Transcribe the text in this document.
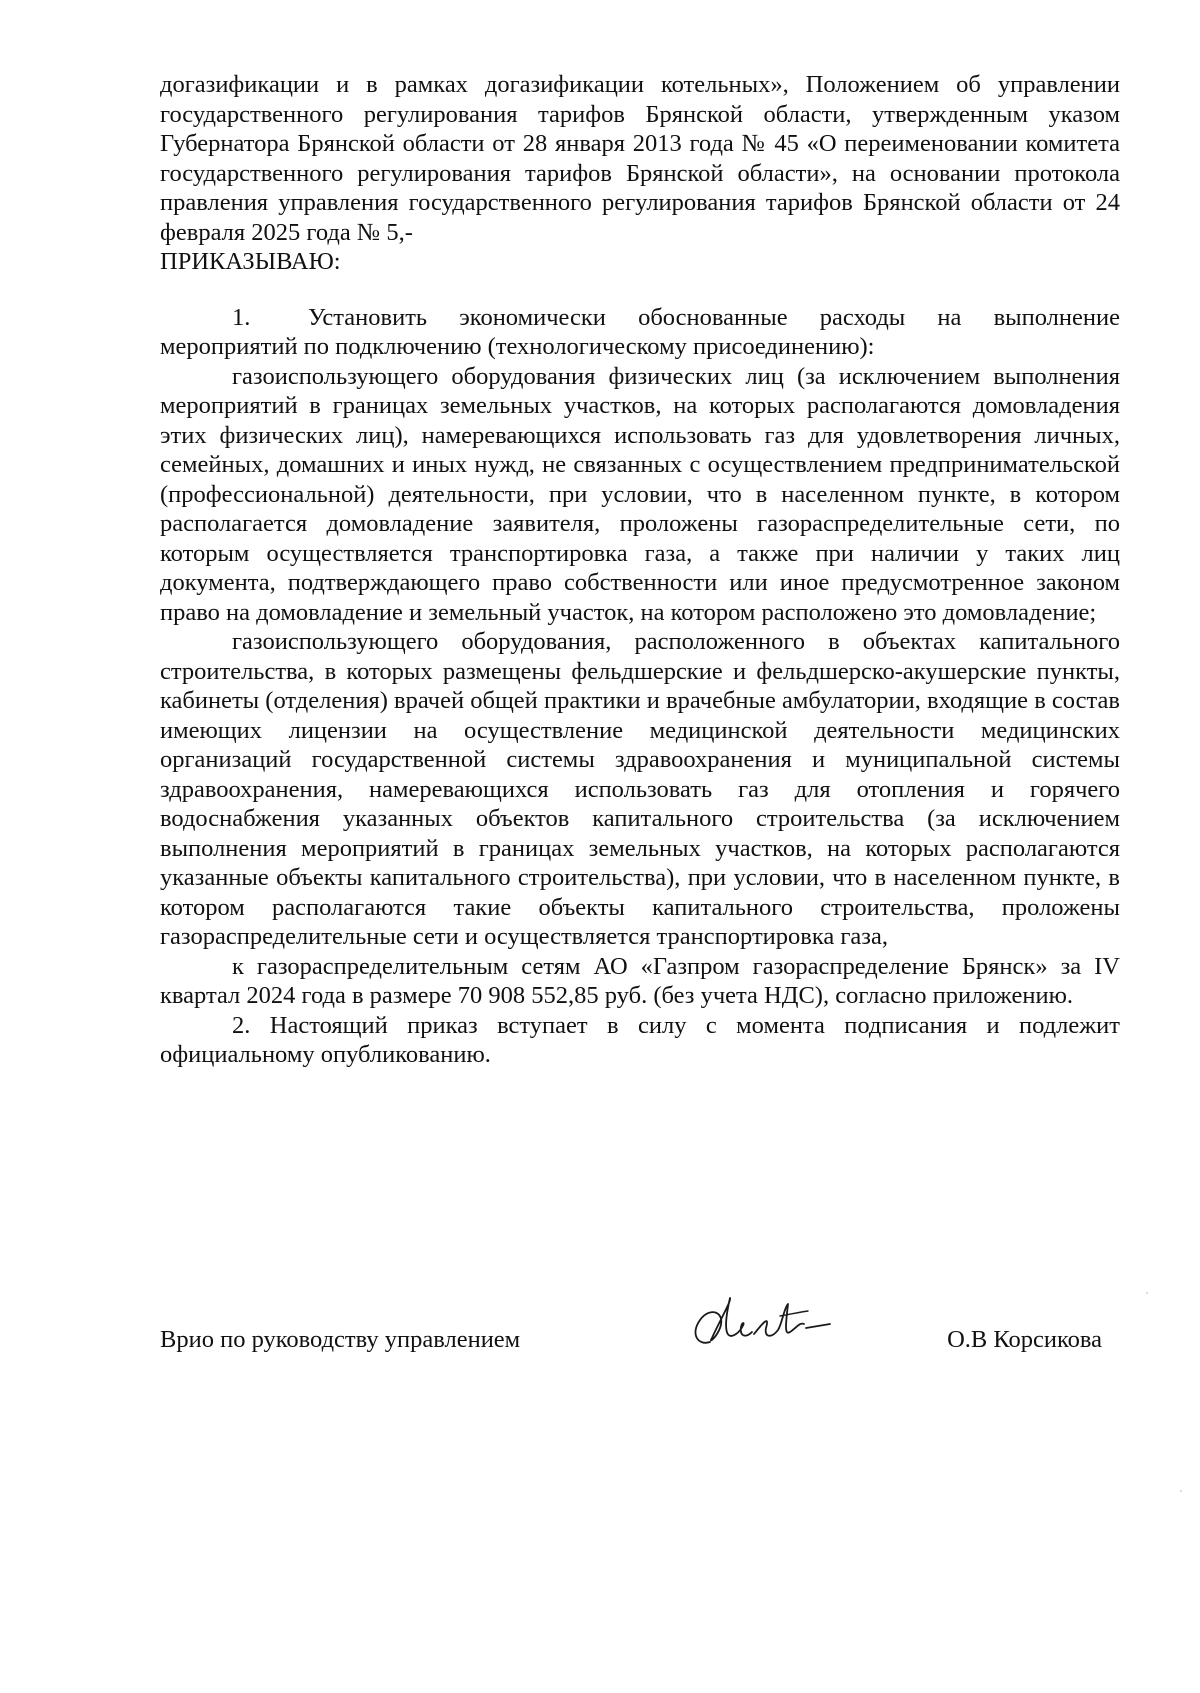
догазификации и в рамках догазификации котельных», Положением об управлении государственного регулирования тарифов Брянской области, утвержденным указом Губернатора Брянской области от 28 января 2013 года № 45 «О переименовании комитета государственного регулирования тарифов Брянской области», на основании протокола правления управления государственного регулирования тарифов Брянской области от 24 февраля 2025 года № 5,-

ПРИКАЗЫВАЮ:

1. Установить экономически обоснованные расходы на выполнение мероприятий по подключению (технологическому присоединению):

газоиспользующего оборудования физических лиц (за исключением выполнения мероприятий в границах земельных участков, на которых располагаются домовладения этих физических лиц), намеревающихся использовать газ для удовлетворения личных, семейных, домашних и иных нужд, не связанных с осуществлением предпринимательской (профессиональной) деятельности, при условии, что в населенном пункте, в котором располагается домовладение заявителя, проложены газораспределительные сети, по которым осуществляется транспортировка газа, а также при наличии у таких лиц документа, подтверждающего право собственности или иное предусмотренное законом право на домовладение и земельный участок, на котором расположено это домовладение;

газоиспользующего оборудования, расположенного в объектах капитального строительства, в которых размещены фельдшерские и фельдшерско-акушерские пункты, кабинеты (отделения) врачей общей практики и врачебные амбулатории, входящие в состав имеющих лицензии на осуществление медицинской деятельности медицинских организаций государственной системы здравоохранения и муниципальной системы здравоохранения, намеревающихся использовать газ для отопления и горячего водоснабжения указанных объектов капитального строительства (за исключением выполнения мероприятий в границах земельных участков, на которых располагаются указанные объекты капитального строительства), при условии, что в населенном пункте, в котором располагаются такие объекты капитального строительства, проложены газораспределительные сети и осуществляется транспортировка газа,

к газораспределительным сетям АО «Газпром газораспределение Брянск» за IV квартал 2024 года в размере 70 908 552,85 руб. (без учета НДС), согласно приложению.

2. Настоящий приказ вступает в силу с момента подписания и подлежит официальному опубликованию.

Врио по руководству управлением	О.В Корсикова
